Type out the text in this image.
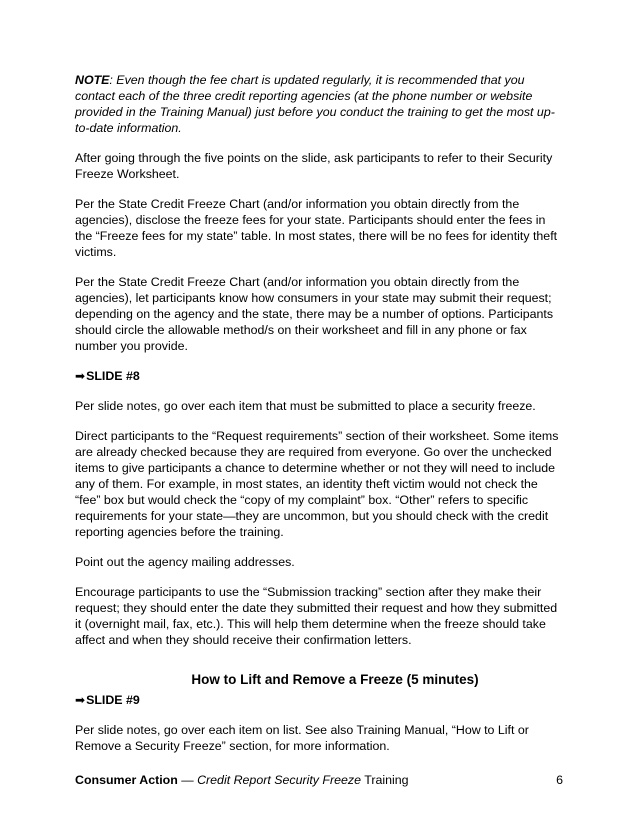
NOTE: Even though the fee chart is updated regularly, it is recommended that you contact each of the three credit reporting agencies (at the phone number or website provided in the Training Manual) just before you conduct the training to get the most up-to-date information.

After going through the five points on the slide, ask participants to refer to their Security Freeze Worksheet.

Per the State Credit Freeze Chart (and/or information you obtain directly from the agencies), disclose the freeze fees for your state. Participants should enter the fees in the “Freeze fees for my state” table. In most states, there will be no fees for identity theft victims.

Per the State Credit Freeze Chart (and/or information you obtain directly from the agencies), let participants know how consumers in your state may submit their request; depending on the agency and the state, there may be a number of options. Participants should circle the allowable method/s on their worksheet and fill in any phone or fax number you provide.

➡SLIDE #8

Per slide notes, go over each item that must be submitted to place a security freeze.

Direct participants to the “Request requirements” section of their worksheet. Some items are already checked because they are required from everyone. Go over the unchecked items to give participants a chance to determine whether or not they will need to include any of them. For example, in most states, an identity theft victim would not check the “fee” box but would check the “copy of my complaint” box. “Other” refers to specific requirements for your state—they are uncommon, but you should check with the credit reporting agencies before the training.

Point out the agency mailing addresses.

Encourage participants to use the “Submission tracking” section after they make their request; they should enter the date they submitted their request and how they submitted it (overnight mail, fax, etc.). This will help them determine when the freeze should take affect and when they should receive their confirmation letters.

How to Lift and Remove a Freeze (5 minutes)
➡SLIDE #9

Per slide notes, go over each item on list. See also Training Manual, “How to Lift or Remove a Security Freeze” section, for more information.

Consumer Action — Credit Report Security Freeze Training	6
